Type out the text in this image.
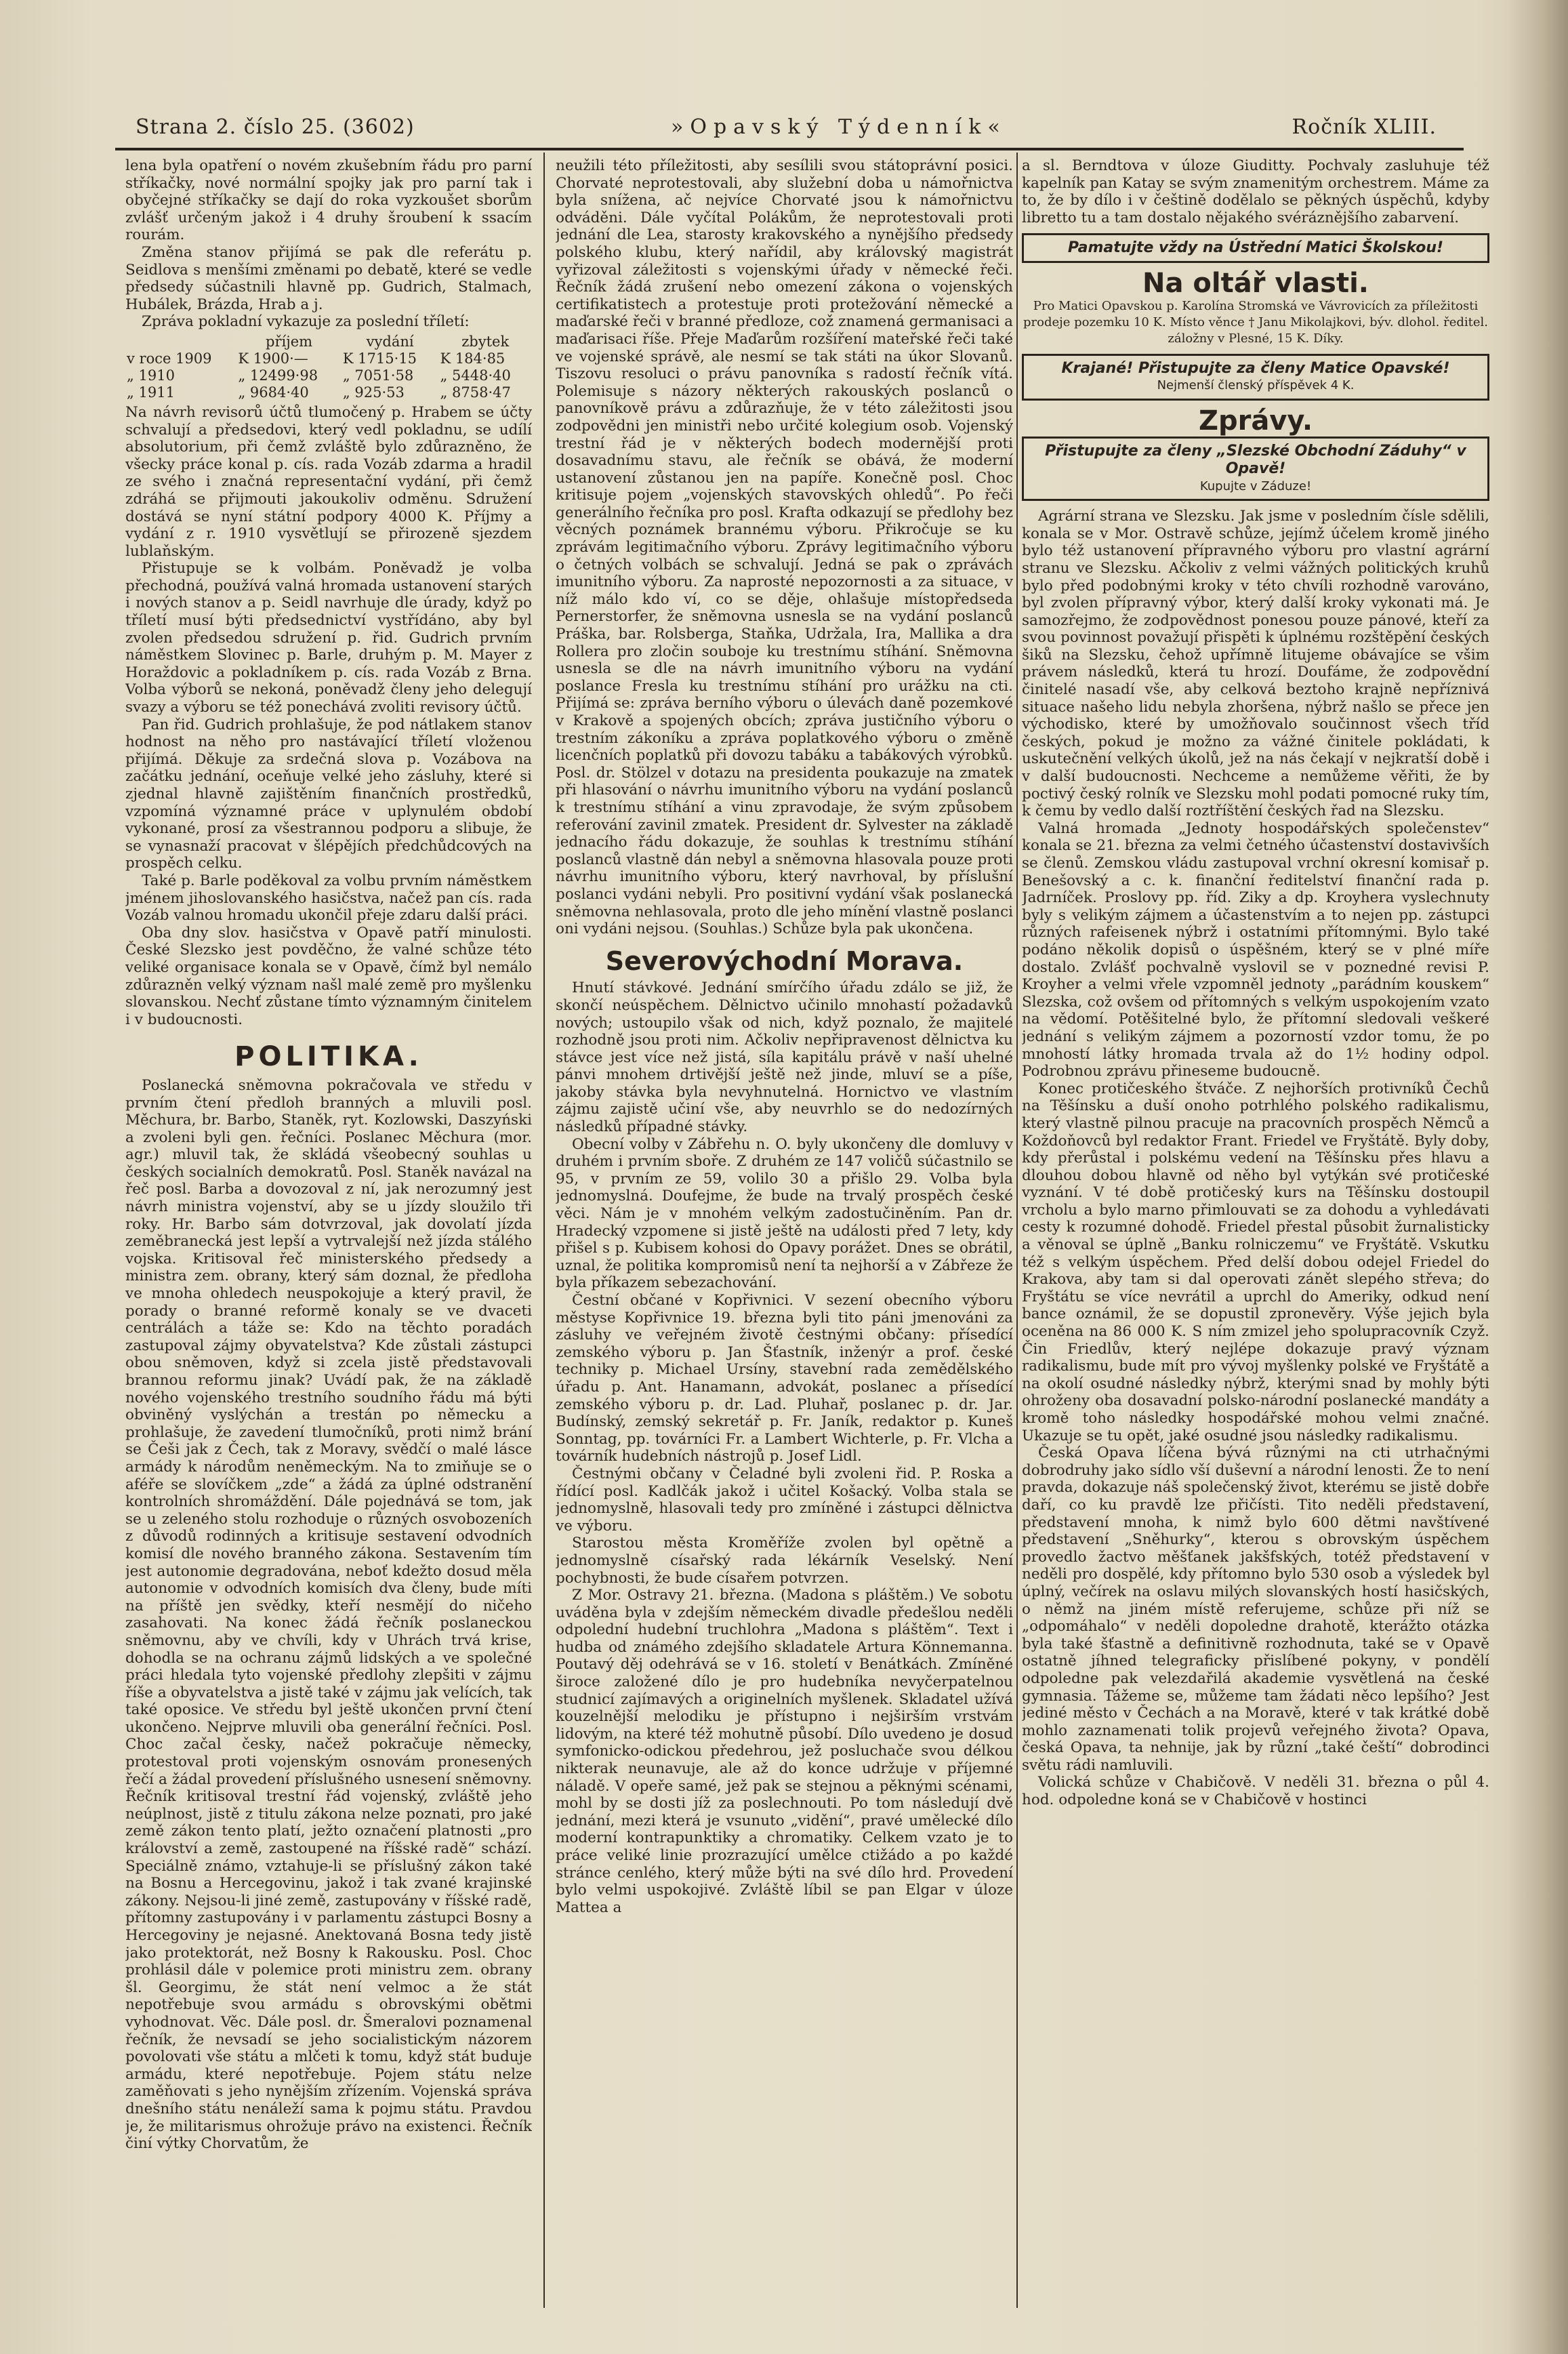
Strana 2. číslo 25. (3602)	»Opavský Týdenník«	Ročník XLIII.

lena byla opatření o novém zkušebním řádu pro parní stříkačky, nové normální spojky jak pro parní tak i obyčejné stříkačky se dají do roka vyzkoušet sborům zvlášť určeným jakož i 4 druhy šroubení k ssacím rourám.

Změna stanov přijímá se pak dle referátu p. Seidlova s menšími změnami po debatě, které se vedle předsedy súčastnili hlavně pp. Gudrich, Stalmach, Hubálek, Brázda, Hrab a j.

Zpráva pokladní vykazuje za poslední tříletí:

	příjem	vydání	zbytek
v roce 1909	K 1900·—	K 1715·15	K 184·85
„ 1910	„ 12499·98	„ 7051·58	„ 5448·40
„ 1911	„ 9684·40	„ 925·53	„ 8758·47

Na návrh revisorů účtů tlumočený p. Hrabem se účty schvalují a předsedovi, který vedl pokladnu, se udílí absolutorium, při čemž zvláště bylo zdůrazněno, že všecky práce konal p. cís. rada Vozáb zdarma a hradil ze svého i značná representační vydání, při čemž zdráhá se přijmouti jakoukoliv odměnu. Sdružení dostává se nyní státní podpory 4000 K. Příjmy a vydání z r. 1910 vysvětlují se přirozeně sjezdem lublaňským.

Přistupuje se k volbám. Poněvadž je volba přechodná, používá valná hromada ustanovení starých i nových stanov a p. Seidl navrhuje dle úrady, když po tříletí musí býti předsednictví vystřídáno, aby byl zvolen předsedou sdružení p. řid. Gudrich prvním náměstkem Slovinec p. Barle, druhým p. M. Mayer z Horaždovic a pokladníkem p. cís. rada Vozáb z Brna. Volba výborů se nekoná, poněvadž členy jeho delegují svazy a výboru se též ponechává zvoliti revisory účtů.

Pan řid. Gudrich prohlašuje, že pod nátlakem stanov hodnost na něho pro nastávající tříletí vloženou přijímá. Děkuje za srdečná slova p. Vozábova na začátku jednání, oceňuje velké jeho zásluhy, které si zjednal hlavně zajištěním finančních prostředků, vzpomíná významné práce v uplynulém období vykonané, prosí za všestrannou podporu a slibuje, že se vynasnaží pracovat v šlépějích předchůdcových na prospěch celku.

Také p. Barle poděkoval za volbu prvním náměstkem jménem jihoslovanského hasičstva, načež pan cís. rada Vozáb valnou hromadu ukončil přeje zdaru další práci.

Oba dny slov. hasičstva v Opavě patří minulosti. České Slezsko jest povděčno, že valné schůze této veliké organisace konala se v Opavě, čímž byl nemálo zdůrazněn velký význam našl malé země pro myšlenku slovanskou. Nechť zůstane tímto významným činitelem i v budoucnosti.

POLITIKA.

Poslanecká sněmovna pokračovala ve středu v prvním čtení předloh branných a mluvili posl. Měchura, br. Barbo, Staněk, ryt. Kozlowski, Daszyński a zvoleni byli gen. řečníci. Poslanec Měchura (mor. agr.) mluvil tak, že skládá všeobecný souhlas u českých socialních demokratů. Posl. Staněk navázal na řeč posl. Barba a dovozoval z ní, jak nerozumný jest návrh ministra vojenství, aby se u jízdy sloužilo tři roky. Hr. Barbo sám dotvrzoval, jak dovolatí jízda zeměbranecká jest lepší a vytrvalejší než jízda stálého vojska. Kritisoval řeč ministerského předsedy a ministra zem. obrany, který sám doznal, že předloha ve mnoha ohledech neuspokojuje a který pravil, že porady o branné reformě konaly se ve dvaceti centrálách a táže se: Kdo na těchto poradách zastupoval zájmy obyvatelstva? Kde zůstali zástupci obou sněmoven, když si zcela jistě představovali brannou reformu jinak? Uvádí pak, že na základě nového vojenského trestního soudního řádu má býti obviněný vyslýchán a trestán po německu a prohlašuje, že zavedení tlumočníků, proti nimž brání se Češi jak z Čech, tak z Moravy, svědčí o malé lásce armády k národům neněmeckým. Na to zmiňuje se o aféře se slovíčkem „zde“ a žádá za úplné odstranění kontrolních shromáždění. Dále pojednává se tom, jak se u zeleného stolu rozhoduje o různých osvobozeních z důvodů rodinných a kritisuje sestavení odvodních komisí dle nového branného zákona. Sestavením tím jest autonomie degradována, neboť kdežto dosud měla autonomie v odvodních komisích dva členy, bude míti na příště jen svědky, kteří nesmějí do ničeho zasahovati. Na konec žádá řečník poslaneckou sněmovnu, aby ve chvíli, kdy v Uhrách trvá krise, dohodla se na ochranu zájmů lidských a ve společné práci hledala tyto vojenské předlohy zlepšiti v zájmu říše a obyvatelstva a jistě také v zájmu jak velících, tak také oposice. Ve středu byl ještě ukončen první čtení ukončeno. Nejprve mluvili oba generální řečníci. Posl. Choc začal česky, načež pokračuje německy, protestoval proti vojenským osnovám pronesených řečí a žádal provedení příslušného usnesení sněmovny. Řečník kritisoval trestní řád vojenský, zvláště jeho neúplnost, jistě z titulu zákona nelze poznati, pro jaké země zákon tento platí, ježto označení platnosti „pro království a země, zastoupené na říšské radě“ schází. Speciálně známo, vztahuje-li se příslušný zákon také na Bosnu a Hercegovinu, jakož i tak zvané krajinské zákony. Nejsou-li jiné země, zastupovány v říšské radě, přítomny zastupovány i v parlamentu zástupci Bosny a Hercegoviny je nejasné. Anektovaná Bosna tedy jistě jako protektorát, než Bosny k Rakousku. Posl. Choc prohlásil dále v polemice proti ministru zem. obrany šl. Georgimu, že stát není velmoc a že stát nepotřebuje svou armádu s obrovskými obětmi vyhodnovat. Věc. Dále posl. dr. Šmeralovi poznamenal řečník, že nevsadí se jeho socialistickým názorem povolovati vše státu a mlčeti k tomu, když stát buduje armádu, které nepotřebuje. Pojem státu nelze zaměňovati s jeho nynějším zřízením. Vojenská správa dnešního státu nenáleží sama k pojmu státu. Pravdou je, že militarismus ohrožuje právo na existenci. Řečník činí výtky Chorvatům, že

neužili této příležitosti, aby sesílili svou státoprávní posici. Chorvaté neprotestovali, aby služební doba u námořnictva byla snížena, ač nejvíce Chorvaté jsou k námořnictvu odváděni. Dále vyčítal Polákům, že neprotestovali proti jednání dle Lea, starosty krakovského a nynějšího předsedy polského klubu, který nařídil, aby královský magistrát vyřizoval záležitosti s vojenskými úřady v německé řeči. Řečník žádá zrušení nebo omezení zákona o vojenských certifikatistech a protestuje proti protežování německé a maďarské řeči v branné předloze, což znamená germanisaci a maďarisaci říše. Přeje Maďarům rozšíření mateřské řeči také ve vojenské správě, ale nesmí se tak státi na úkor Slovanů. Tiszovu resoluci o právu panovníka s radostí řečník vítá. Polemisuje s názory některých rakouských poslanců o panovníkově právu a zdůrazňuje, že v této záležitosti jsou zodpovědni jen ministři nebo určité kolegium osob. Vojenský trestní řád je v některých bodech modernější proti dosavadnímu stavu, ale řečník se obává, že moderní ustanovení zůstanou jen na papíře. Konečně posl. Choc kritisuje pojem „vojenských stavovských ohledů“. Po řeči generálního řečníka pro posl. Krafta odkazují se předlohy bez věcných poznámek brannému výboru. Přikročuje se ku zprávám legitimačního výboru. Zprávy legitimačního výboru o četných volbách se schvalují. Jedná se pak o zprávách imunitního výboru. Za naprosté nepozornosti a za situace, v níž málo kdo ví, co se děje, ohlašuje místopředseda Pernerstorfer, že sněmovna usnesla se na vydání poslanců Práška, bar. Rolsberga, Staňka, Udržala, Ira, Mallika a dra Rollera pro zločin souboje ku trestnímu stíhání. Sněmovna usnesla se dle na návrh imunitního výboru na vydání poslance Fresla ku trestnímu stíhání pro urážku na cti. Přijímá se: zpráva berního výboru o úlevách daně pozemkové v Krakově a spojených obcích; zpráva justičního výboru o trestním zákoníku a zpráva poplatkového výboru o změně licenčních poplatků při dovozu tabáku a tabákových výrobků. Posl. dr. Stölzel v dotazu na presidenta poukazuje na zmatek při hlasování o návrhu imunitního výboru na vydání poslanců k trestnímu stíhání a vinu zpravodaje, že svým způsobem referování zavinil zmatek. President dr. Sylvester na základě jednacího řádu dokazuje, že souhlas k trestnímu stíhání poslanců vlastně dán nebyl a sněmovna hlasovala pouze proti návrhu imunitního výboru, který navrhoval, by příslušní poslanci vydáni nebyli. Pro positivní vydání však poslanecká sněmovna nehlasovala, proto dle jeho mínění vlastně poslanci oni vydáni nejsou. (Souhlas.) Schůze byla pak ukončena.

Severovýchodní Morava.

Hnutí stávkové. Jednání smírčího úřadu zdálo se již, že skončí neúspěchem. Dělnictvo učinilo mnohastí požadavků nových; ustoupilo však od nich, když poznalo, že majitelé rozhodně jsou proti nim. Ačkoliv nepřipravenost dělnictva ku stávce jest více než jistá, síla kapitálu právě v naší uhelné pánvi mnohem drtivější ještě než jinde, mluví se a píše, jakoby stávka byla nevyhnutelná. Hornictvo ve vlastním zájmu zajistě učiní vše, aby neuvrhlo se do nedozírných následků případné stávky.

Obecní volby v Zábřehu n. O. byly ukončeny dle domluvy v druhém i prvním sboře. Z druhém ze 147 voličů súčastnilo se 95, v prvním ze 59, volilo 30 a přišlo 29. Volba byla jednomyslná. Doufejme, že bude na trvalý prospěch české věci. Nám je v mnohém velkým zadostučiněním. Pan dr. Hradecký vzpomene si jistě ještě na události před 7 lety, kdy přišel s p. Kubisem kohosi do Opavy porážet. Dnes se obrátil, uznal, že politika kompromisů není ta nejhorší a v Zábřeze že byla příkazem sebezachování.

Čestní občané v Kopřivnici. V sezení obecního výboru městyse Kopřivnice 19. března byli tito páni jmenováni za zásluhy ve veřejném životě čestnými občany: přísedící zemského výboru p. Jan Šťastník, inženýr a prof. české techniky p. Michael Ursíny, stavební rada zemědělského úřadu p. Ant. Hanamann, advokát, poslanec a přísedící zemského výboru p. dr. Lad. Pluhař, poslanec p. dr. Jar. Budínský, zemský sekretář p. Fr. Janík, redaktor p. Kuneš Sonntag, pp. továrníci Fr. a Lambert Wichterle, p. Fr. Vlcha a továrník hudebních nástrojů p. Josef Lidl.

Čestnými občany v Čeladné byli zvoleni řid. P. Roska a řídící posl. Kadlčák jakož i učitel Košacký. Volba stala se jednomyslně, hlasovali tedy pro zmíněné i zástupci dělnictva ve výboru.

Starostou města Kroměříže zvolen byl opětně a jednomyslně císařský rada lékárník Veselský. Není pochybnosti, že bude císařem potvrzen.

Z Mor. Ostravy 21. března. (Madona s pláštěm.) Ve sobotu uváděna byla v zdejším německém divadle předešlou neděli odpolední hudební truchlohra „Madona s pláštěm“. Text i hudba od známého zdejšího skladatele Artura Könnemanna. Poutavý děj odehrává se v 16. století v Benátkách. Zmíněné široce založené dílo je pro hudebníka nevyčerpatelnou studnicí zajímavých a originelních myšlenek. Skladatel užívá kouzelnější melodiku je přístupno i nejširším vrstvám lidovým, na které též mohutně působí. Dílo uvedeno je dosud symfonicko-odickou předehrou, jež posluchače svou délkou nikterak neunavuje, ale až do konce udržuje v příjemné náladě. V opeře samé, jež pak se stejnou a pěknými scénami, mohl by se dosti jíž za poslechnouti. Po tom následují dvě jednání, mezi která je vsunuto „vidění“, pravé umělecké dílo moderní kontrapunktiky a chromatiky. Celkem vzato je to práce veliké linie prozrazující umělce ctižádo a po každé stránce cenlého, který může býti na své dílo hrd. Provedení bylo velmi uspokojivé. Zvláště líbil se pan Elgar v úloze Mattea a

a sl. Berndtova v úloze Giuditty. Pochvaly zasluhuje též kapelník pan Katay se svým znamenitým orchestrem. Máme za to, že by dílo i v češtině dodělalo se pěkných úspěchů, kdyby libretto tu a tam dostalo nějakého svéráznějšího zabarvení.

Pamatujte vždy na Ústřední Matici Školskou!
Na oltář vlasti.
Pro Matici Opavskou p. Karolína Stromská ve Vávrovicích za příležitosti prodeje pozemku 10 K. Místo věnce † Janu Mikolajkovi, býv. dlohol. ředitel. záložny v Plesné, 15 K. Díky.
Krajané! Přistupujte za členy Matice Opavské!
Nejmenší členský příspěvek 4 K.
Zprávy.
Přistupujte za členy „Slezské Obchodní Záduhy“ v Opavě!
Kupujte v Záduze!

Agrární strana ve Slezsku. Jak jsme v posledním čísle sdělili, konala se v Mor. Ostravě schůze, jejímž účelem kromě jiného bylo též ustanovení přípravného výboru pro vlastní agrární stranu ve Slezsku. Ačkoliv z velmi vážných politických kruhů bylo před podobnými kroky v této chvíli rozhodně varováno, byl zvolen přípravný výbor, který další kroky vykonati má. Je samozřejmo, že zodpovědnost ponesou pouze pánové, kteří za svou povinnost považují přispěti k úplnému rozštěpění českých šiků na Slezsku, čehož upřímně litujeme obávajíce se všim právem následků, která tu hrozí. Doufáme, že zodpovědní činitelé nasadí vše, aby celková beztoho krajně nepříznivá situace našeho lidu nebyla zhoršena, nýbrž našlo se přece jen východisko, které by umožňovalo součinnost všech tříd českých, pokud je možno za vážné činitele pokládati, k uskutečnění velkých úkolů, jež na nás čekají v nejkratší době i v další budoucnosti. Nechceme a nemůžeme věřiti, že by poctivý český rolník ve Slezsku mohl podati pomocné ruky tím, k čemu by vedlo další roztříštění českých řad na Slezsku.

Valná hromada „Jednoty hospodářských společenstev“ konala se 21. března za velmi četného účastenství dostavivších se členů. Zemskou vládu zastupoval vrchní okresní komisař p. Benešovský a c. k. finanční ředitelství finanční rada p. Jadrníček. Proslovy pp. říd. Ziky a dp. Kroyhera vyslechnuty byly s velikým zájmem a účastenstvím a to nejen pp. zástupci různých rafeisenek nýbrž i ostatními přítomnými. Bylo také podáno několik dopisů o úspěšném, který se v plné míře dostalo. Zvlášť pochvalně vyslovil se v poznedné revisi P. Kroyher a velmi vřele vzpomněl jednoty „parádním kouskem“ Slezska, což ovšem od přítomných s velkým uspokojením vzato na vědomí. Potěšitelné bylo, že přítomní sledovali veškeré jednání s velikým zájmem a pozorností vzdor tomu, že po mnohostí látky hromada trvala až do 1½ hodiny odpol. Podrobnou zprávu přineseme budoucně.

Konec protičeského štváče. Z nejhorších protivníků Čechů na Těšínsku a duší onoho potrhlého polského radikalismu, který vlastně pilnou pracuje na pracovních prospěch Němců a Koždoňovců byl redaktor Frant. Friedel ve Fryštátě. Byly doby, kdy přerůstal i polskému vedení na Těšínsku přes hlavu a dlouhou dobou hlavně od něho byl vytýkán své protičeské vyznání. V té době protičeský kurs na Těšínsku dostoupil vrcholu a bylo marno přimlouvati se za dohodu a vyhledávati cesty k rozumné dohodě. Friedel přestal působit žurnalisticky a věnoval se úplně „Banku rolniczemu“ ve Fryštátě. Vskutku též s velkým úspěchem. Před delší dobou odejel Friedel do Krakova, aby tam si dal operovati zánět slepého střeva; do Fryštátu se více nevrátil a uprchl do Ameriky, odkud není bance oznámil, že se dopustil zpronevěry. Výše jejich byla oceněna na 86 000 K. S ním zmizel jeho spolupracovník Czyž. Čin Friedlův, který nejlépe dokazuje pravý význam radikalismu, bude mít pro vývoj myšlenky polské ve Fryštátě a na okolí osudné následky nýbrž, kterými snad by mohly býti ohroženy oba dosavadní polsko-národní poslanecké mandáty a kromě toho následky hospodářské mohou velmi značné. Ukazuje se tu opět, jaké osudné jsou následky radikalismu.

Česká Opava líčena bývá různými na cti utrhačnými dobrodruhy jako sídlo vší duševní a národní lenosti. Že to není pravda, dokazuje náš společenský život, kterému se jistě dobře daří, co ku pravdě lze přičísti. Tito neděli představení, představení mnoha, k nimž bylo 600 dětmi navštívené představení „Sněhurky“, kterou s obrovským úspěchem provedlo žactvo měšťanek jakšfských, totéž představení v neděli pro dospělé, kdy přítomno bylo 530 osob a výsledek byl úplný, večírek na oslavu milých slovanských hostí hasičských, o němž na jiném místě referujeme, schůze při níž se „odpomáhalo“ v neděli dopoledne drahotě, kterážto otázka byla také šťastně a definitivně rozhodnuta, také se v Opavě ostatně jíhned telegraficky přislíbené pokyny, v pondělí odpoledne pak velezdařilá akademie vysvětlená na české gymnasia. Tážeme se, můžeme tam žádati něco lepšího? Jest jediné město v Čechách a na Moravě, které v tak krátké době mohlo zaznamenati tolik projevů veřejného života? Opava, česká Opava, ta nehnije, jak by různí „také čeští“ dobrodinci světu rádi namluvili.

Volická schůze v Chabičově. V neděli 31. března o půl 4. hod. odpoledne koná se v Chabičově v hostinci
